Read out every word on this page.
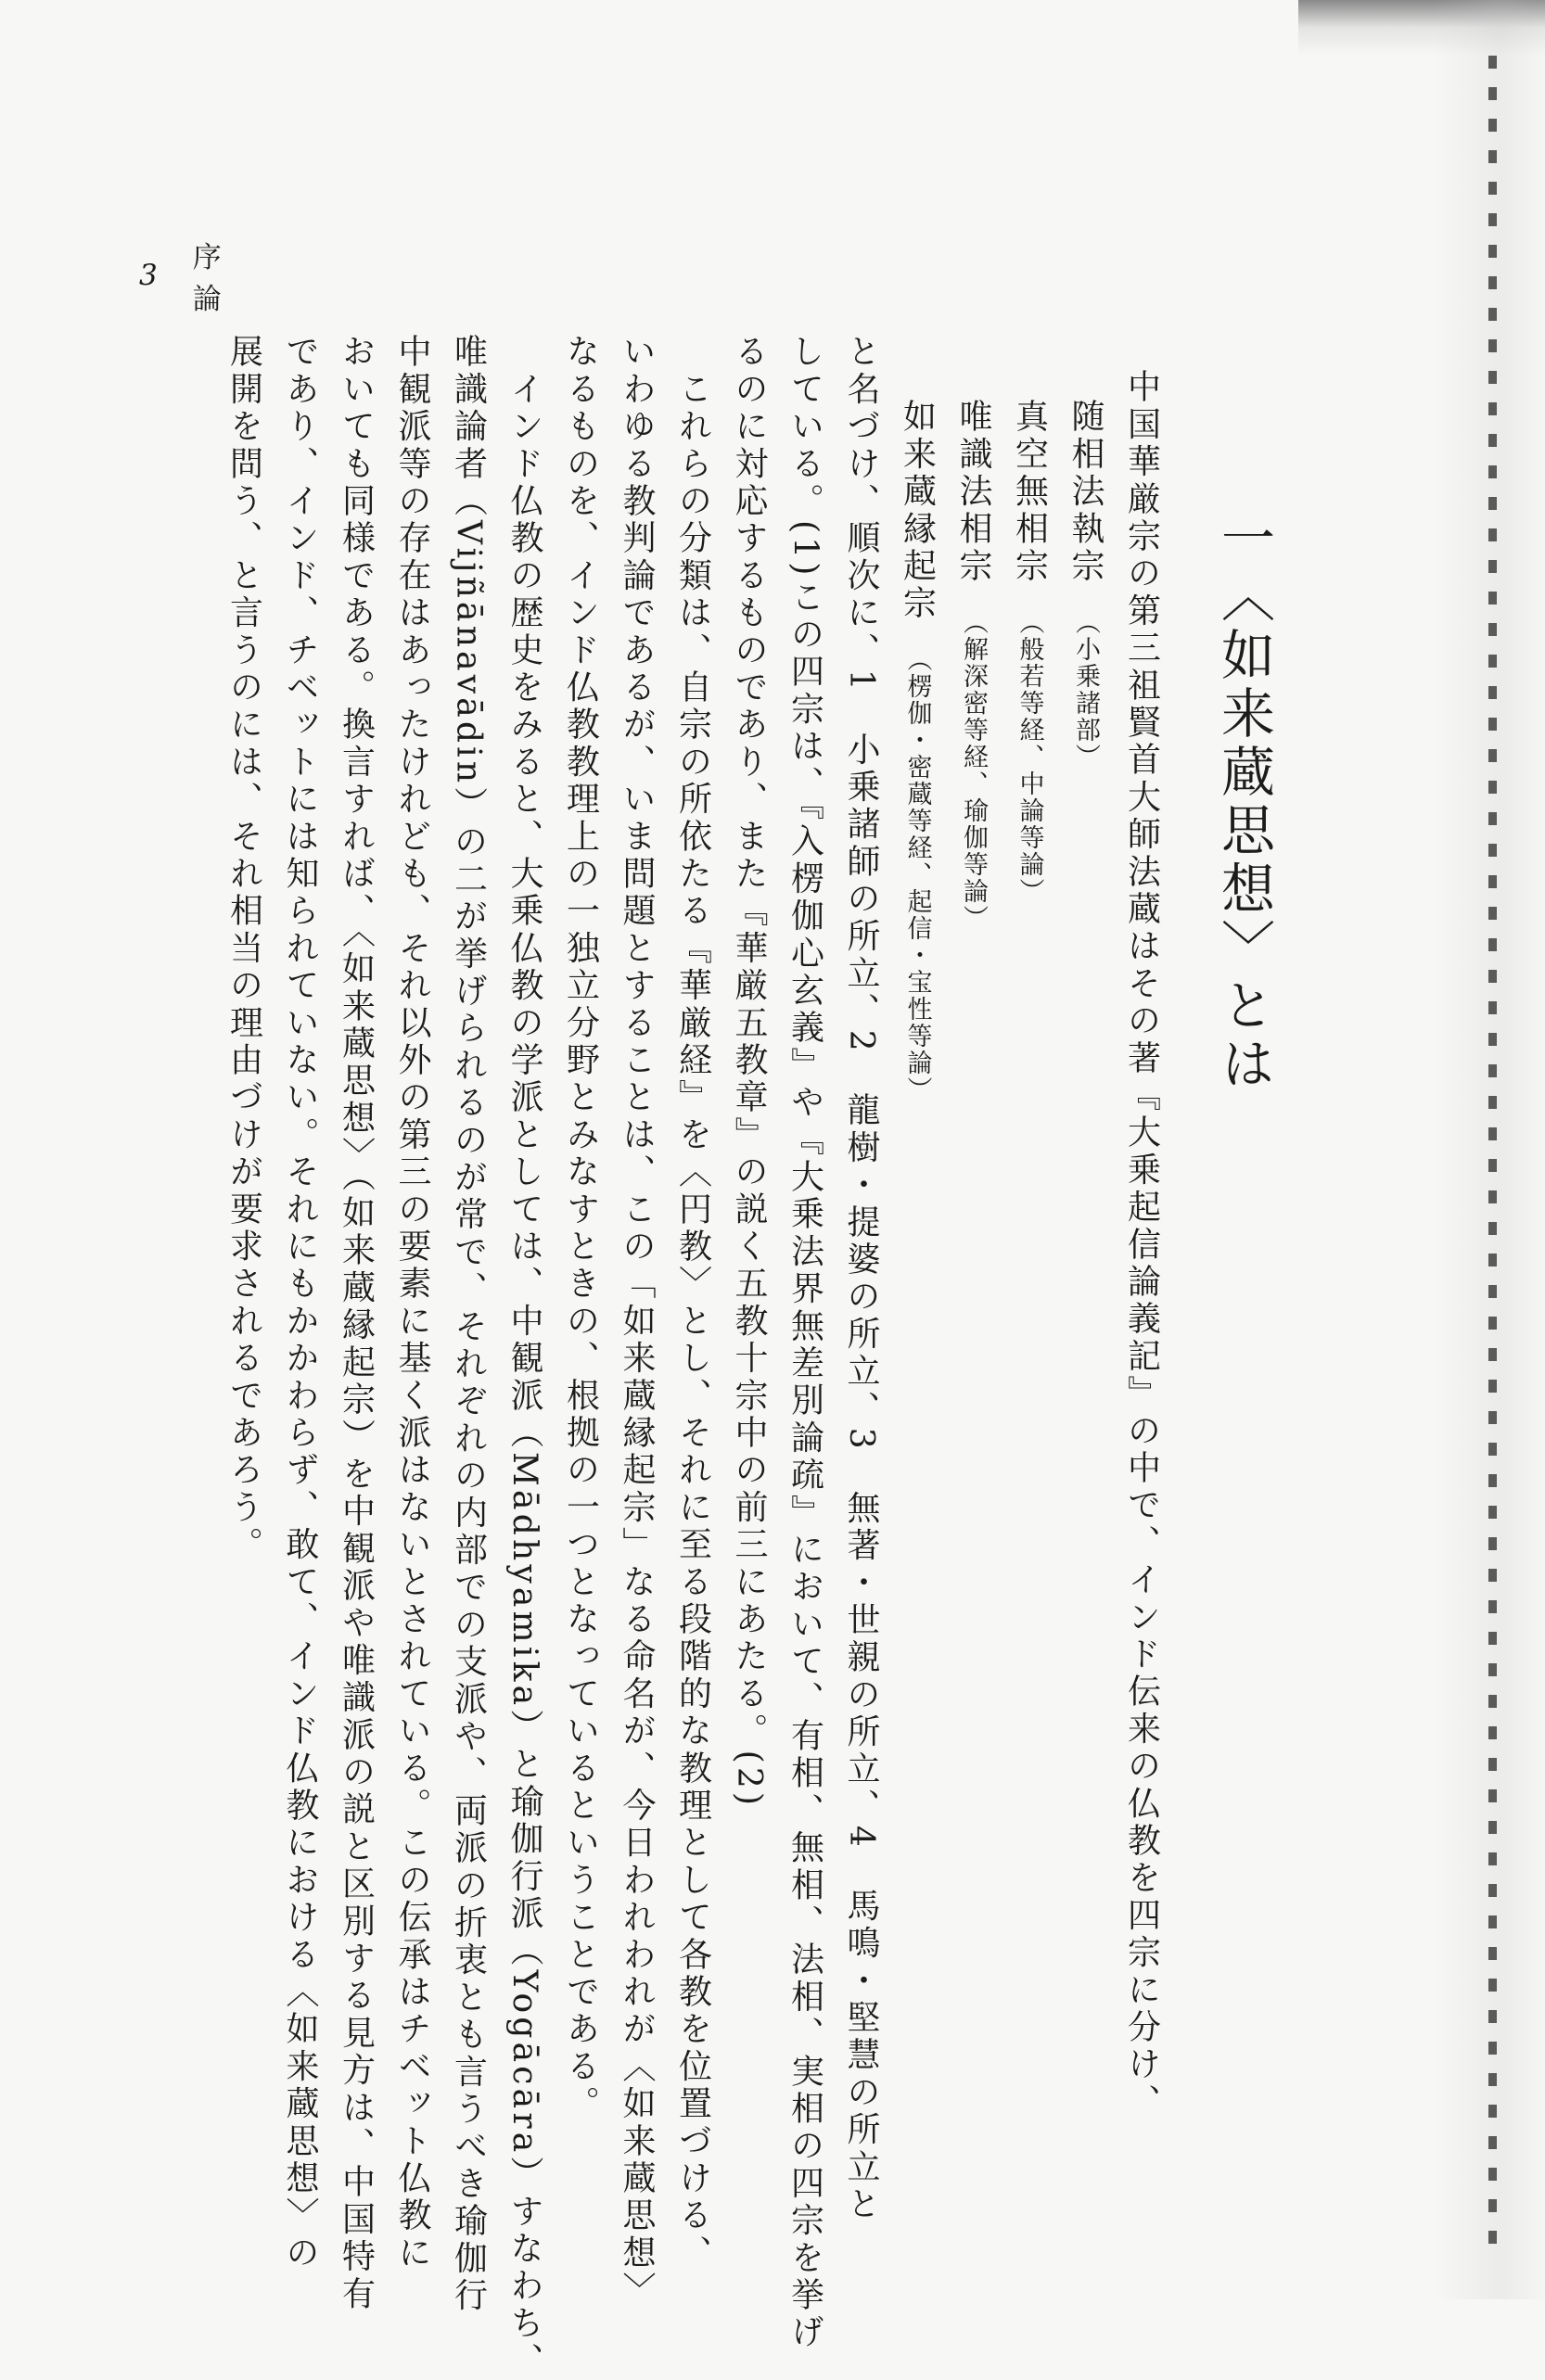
3
序論
一〈如来蔵思想〉とは
中国華厳宗の第三祖賢首大師法蔵はその著『大乗起信論義記』の中で、インド伝来の仏教を四宗に分け、
随相法執宗（小乗諸部）
真空無相宗（般若等経、中論等論）
唯識法相宗（解深密等経、瑜伽等論）
如来蔵縁起宗（楞伽・密蔵等経、起信・宝性等論）
と名づけ、順次に、1　小乗諸師の所立、2　龍樹・提婆の所立、3　無著・世親の所立、4　馬鳴・堅慧の所立と
している。(1)この四宗は、『入楞伽心玄義』や『大乗法界無差別論疏』において、有相、無相、法相、実相の四宗を挙げ
るのに対応するものであり、また『華厳五教章』の説く五教十宗中の前三にあたる。(2)
　これらの分類は、自宗の所依たる『華厳経』を〈円教〉とし、それに至る段階的な教理として各教を位置づける、
いわゆる教判論であるが、いま問題とすることは、この「如来蔵縁起宗」なる命名が、今日われわれが〈如来蔵思想〉
なるものを、インド仏教教理上の一独立分野とみなすときの、根拠の一つとなっているということである。
　インド仏教の歴史をみると、大乗仏教の学派としては、中観派（Mādhyamika）と瑜伽行派（Yogācāra）すなわち、
唯識論者（Vijñānavādin）の二が挙げられるのが常で、それぞれの内部での支派や、両派の折衷とも言うべき瑜伽行
中観派等の存在はあったけれども、それ以外の第三の要素に基く派はないとされている。この伝承はチベット仏教に
おいても同様である。換言すれば、〈如来蔵思想〉（如来蔵縁起宗）を中観派や唯識派の説と区別する見方は、中国特有
であり、インド、チベットには知られていない。それにもかかわらず、敢て、インド仏教における〈如来蔵思想〉の
展開を問う、と言うのには、それ相当の理由づけが要求されるであろう。
